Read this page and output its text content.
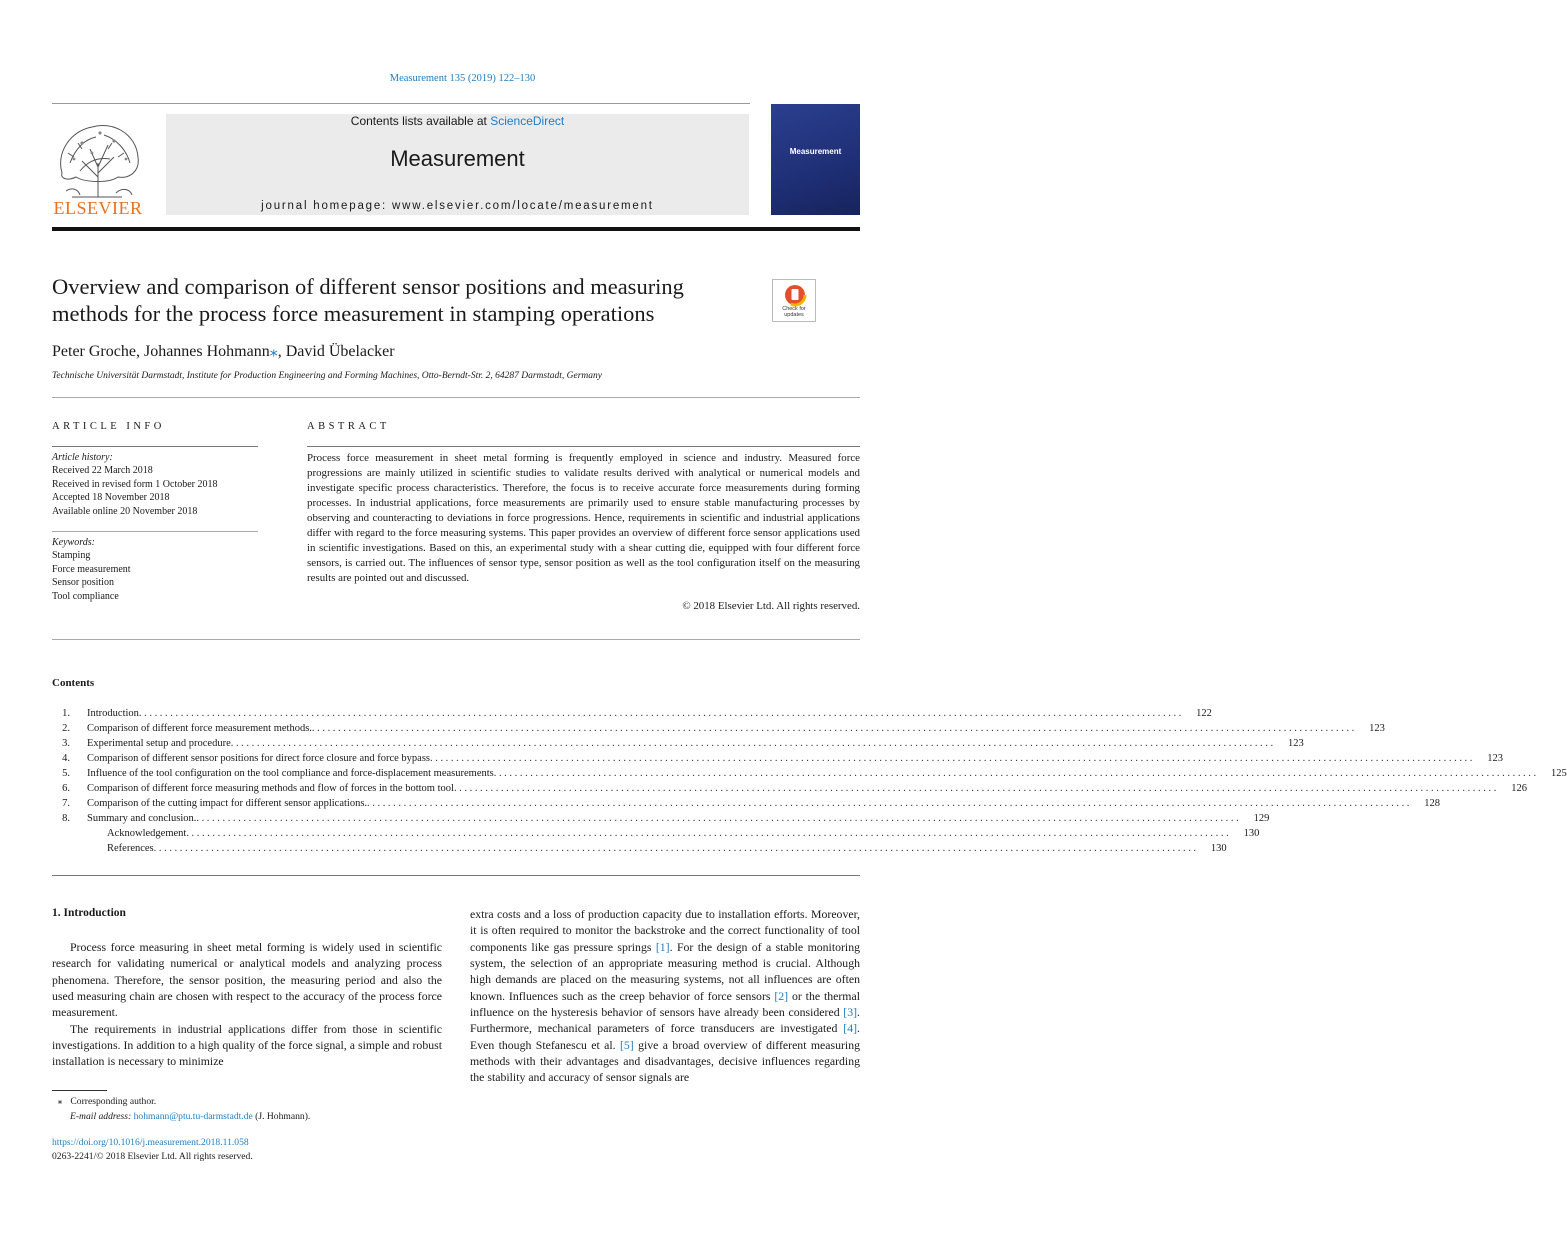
Measurement 135 (2019) 122–130
ELSEVIER
Contents lists available at ScienceDirect
Measurement
journal homepage: www.elsevier.com/locate/measurement
Measurement
Overview and comparison of different sensor positions and measuring methods for the process force measurement in stamping operations	Check for updates
Peter Groche, Johannes Hohmann⁎, David Übelacker
Technische Universität Darmstadt, Institute for Production Engineering and Forming Machines, Otto-Berndt-Str. 2, 64287 Darmstadt, Germany
ARTICLE INFO	ABSTRACT
Article history:
Received 22 March 2018
Received in revised form 1 October 2018
Accepted 18 November 2018
Available online 20 November 2018
Keywords:
Stamping
Force measurement
Sensor position
Tool compliance
Process force measurement in sheet metal forming is frequently employed in science and industry. Measured force progressions are mainly utilized in scientific studies to validate results derived with analytical or numerical models and investigate specific process characteristics. Therefore, the focus is to receive accurate force measurements during forming processes. In industrial applications, force measurements are primarily used to ensure stable manufacturing processes by observing and counteracting to deviations in force progressions. Hence, requirements in scientific and industrial applications differ with regard to the force measuring systems. This paper provides an overview of different force sensor applications used in scientific investigations. Based on this, an experimental study with a shear cutting die, equipped with four different force sensors, is carried out. The influences of sensor type, sensor position as well as the tool configuration itself on the measuring results are pointed out and discussed.
© 2018 Elsevier Ltd. All rights reserved.
Contents
1.	Introduction ........................................................................................................................................................................................................	122
2.	Comparison of different force measurement methods. ........................................................................................................................................................................................................	123
3.	Experimental setup and procedure ........................................................................................................................................................................................................	123
4.	Comparison of different sensor positions for direct force closure and force bypass ........................................................................................................................................................................................................	123
5.	Influence of the tool configuration on the tool compliance and force-displacement measurements ........................................................................................................................................................................................................	125
6.	Comparison of different force measuring methods and flow of forces in the bottom tool ........................................................................................................................................................................................................	126
7.	Comparison of the cutting impact for different sensor applications. ........................................................................................................................................................................................................	128
8.	Summary and conclusion. ........................................................................................................................................................................................................	129
Acknowledgement ........................................................................................................................................................................................................	130
References ........................................................................................................................................................................................................	130
1. Introduction

Process force measuring in sheet metal forming is widely used in scientific research for validating numerical or analytical models and analyzing process phenomena. Therefore, the sensor position, the measuring period and also the used measuring chain are chosen with respect to the accuracy of the process force measurement.

The requirements in industrial applications differ from those in scientific investigations. In addition to a high quality of the force signal, a simple and robust installation is necessary to minimize

extra costs and a loss of production capacity due to installation efforts. Moreover, it is often required to monitor the backstroke and the correct functionality of tool components like gas pressure springs [1]. For the design of a stable monitoring system, the selection of an appropriate measuring method is crucial. Although high demands are placed on the measuring systems, not all influences are often known. Influences such as the creep behavior of force sensors [2] or the thermal influence on the hysteresis behavior of sensors have already been considered [3]. Furthermore, mechanical parameters of force transducers are investigated [4]. Even though Stefanescu et al. [5] give a broad overview of different measuring methods with their advantages and disadvantages, decisive influences regarding the stability and accuracy of sensor signals are

⁎ Corresponding author.
E-mail address: hohmann@ptu.tu-darmstadt.de (J. Hohmann).
https://doi.org/10.1016/j.measurement.2018.11.058
0263-2241/© 2018 Elsevier Ltd. All rights reserved.
